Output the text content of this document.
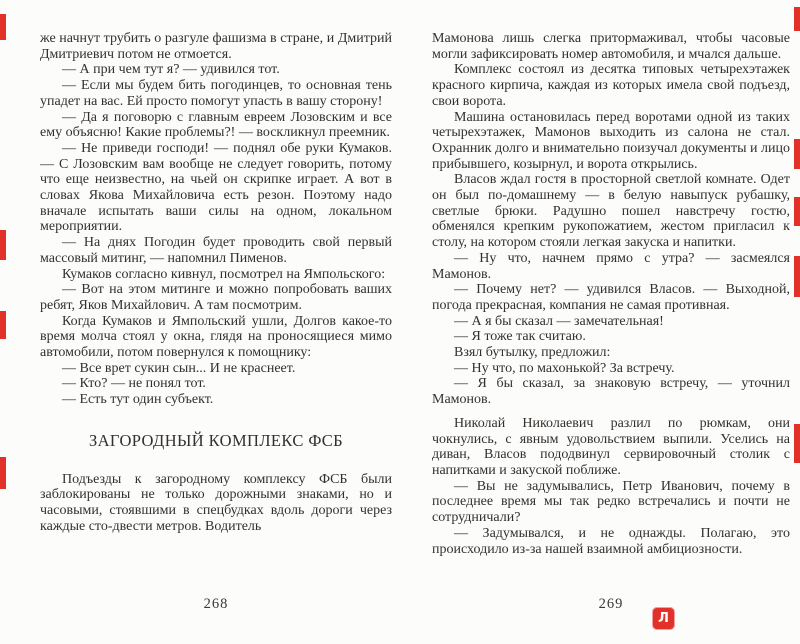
же начнут трубить о разгуле фашизма в стране, и Дмитрий Дмитриевич потом не отмоется.

— А при чем тут я? — удивился тот.

— Если мы будем бить погодинцев, то основная тень упадет на вас. Ей просто помогут упасть в вашу сторону!

— Да я поговорю с главным евреем Лозовским и все ему объясню! Какие проблемы?! — воскликнул преемник.

— Не приведи господи! — поднял обе руки Кумаков. — С Лозовским вам вообще не следует говорить, потому что еще неизвестно, на чьей он скрипке играет. А вот в словах Якова Михайловича есть резон. Поэтому надо вначале испытать ваши силы на одном, локальном мероприятии.

— На днях Погодин будет проводить свой первый массовый митинг, — напомнил Пименов.

Кумаков согласно кивнул, посмотрел на Ямпольского:

— Вот на этом митинге и можно попробовать ваших ребят, Яков Михайлович. А там посмотрим.

Когда Кумаков и Ямпольский ушли, Долгов какое-то время молча стоял у окна, глядя на проносящиеся мимо автомобили, потом повернулся к помощнику:

— Все врет сукин сын... И не краснеет.

— Кто? — не понял тот.

— Есть тут один субъект.

ЗАГОРОДНЫЙ КОМПЛЕКС ФСБ

Подъезды к загородному комплексу ФСБ были заблокированы не только дорожными знаками, но и часовыми, стоявшими в спецбудках вдоль дороги через каждые сто-двести метров. Водитель

Мамонова лишь слегка притормаживал, чтобы часовые могли зафиксировать номер автомобиля, и мчался дальше.

Комплекс состоял из десятка типовых четырехэтажек красного кирпича, каждая из которых имела свой подъезд, свои ворота.

Машина остановилась перед воротами одной из таких четырехэтажек, Мамонов выходить из салона не стал. Охранник долго и внимательно поизучал документы и лицо прибывшего, козырнул, и ворота открылись.

Власов ждал гостя в просторной светлой комнате. Одет он был по-домашнему — в белую навыпуск рубашку, светлые брюки. Радушно пошел навстречу гостю, обменялся крепким рукопожатием, жестом пригласил к столу, на котором стояли легкая закуска и напитки.

— Ну что, начнем прямо с утра? — засмеялся Мамонов.

— Почему нет? — удивился Власов. — Выходной, погода прекрасная, компания не самая противная.

— А я бы сказал — замечательная!

— Я тоже так считаю.

Взял бутылку, предложил:

— Ну что, по махонькой? За встречу.

— Я бы сказал, за знаковую встречу, — уточнил Мамонов.

Николай Николаевич разлил по рюмкам, они чокнулись, с явным удовольствием выпили. Уселись на диван, Власов пододвинул сервировочный столик с напитками и закуской поближе.

— Вы не задумывались, Петр Иванович, почему в последнее время мы так редко встречались и почти не сотрудничали?

— Задумывался, и не однажды. Полагаю, это происходило из-за нашей взаимной амбициозности.

268	269
Л
